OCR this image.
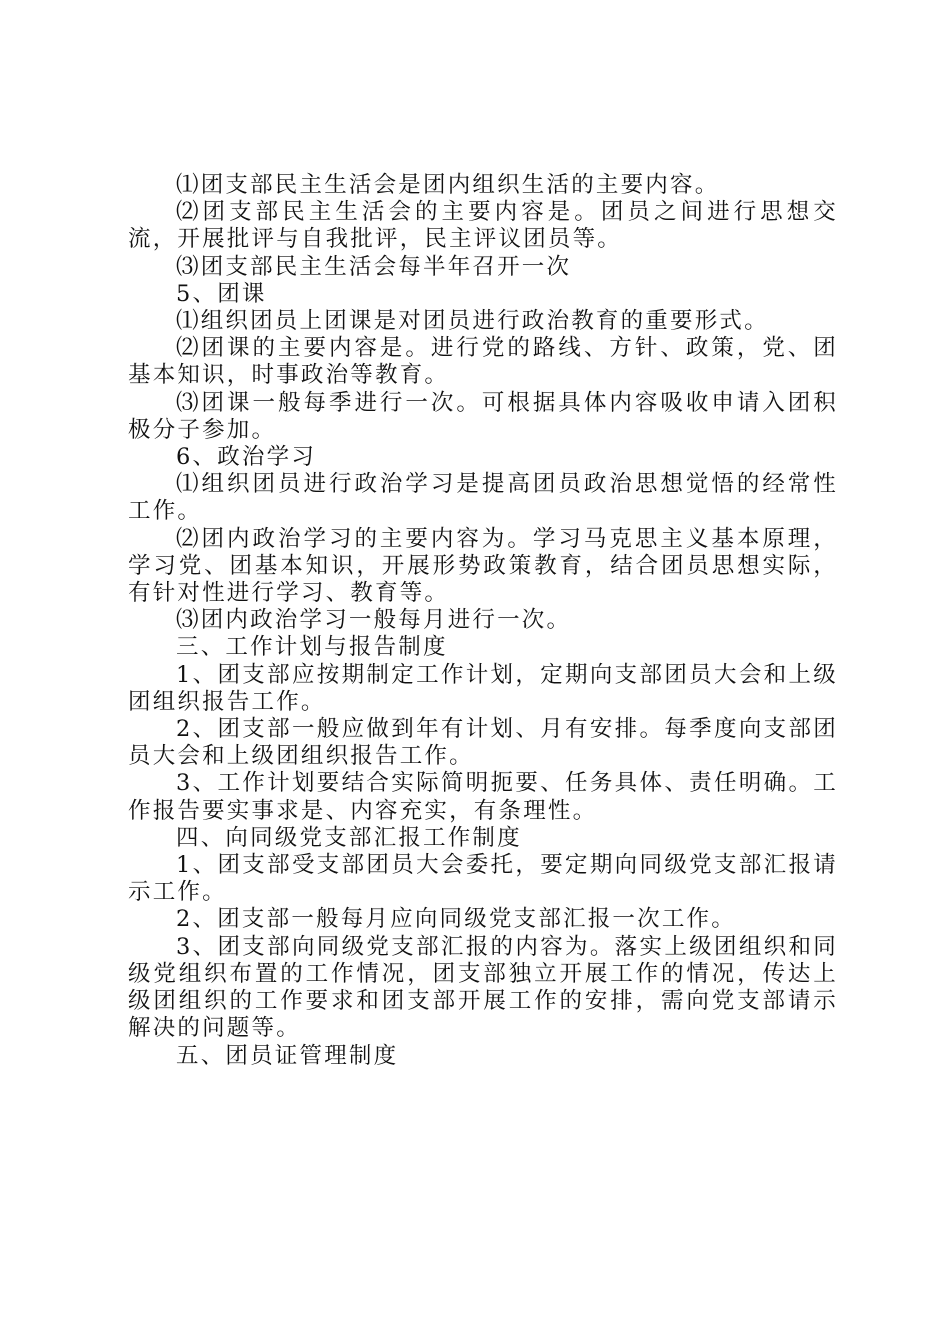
⑴团支部民主生活会是团内组织生活的主要内容。

⑵团支部民主生活会的主要内容是。团员之间进行思想交流，开展批评与自我批评，民主评议团员等。

⑶团支部民主生活会每半年召开一次

5、团课

⑴组织团员上团课是对团员进行政治教育的重要形式。

⑵团课的主要内容是。进行党的路线、方针、政策，党、团基本知识，时事政治等教育。

⑶团课一般每季进行一次。可根据具体内容吸收申请入团积极分子参加。

6、政治学习

⑴组织团员进行政治学习是提高团员政治思想觉悟的经常性工作。

⑵团内政治学习的主要内容为。学习马克思主义基本原理，学习党、团基本知识，开展形势政策教育，结合团员思想实际，有针对性进行学习、教育等。

⑶团内政治学习一般每月进行一次。

三、工作计划与报告制度

1、团支部应按期制定工作计划，定期向支部团员大会和上级团组织报告工作。

2、团支部一般应做到年有计划、月有安排。每季度向支部团员大会和上级团组织报告工作。

3、工作计划要结合实际简明扼要、任务具体、责任明确。工作报告要实事求是、内容充实，有条理性。

四、向同级党支部汇报工作制度

1、团支部受支部团员大会委托，要定期向同级党支部汇报请示工作。

2、团支部一般每月应向同级党支部汇报一次工作。

3、团支部向同级党支部汇报的内容为。落实上级团组织和同级党组织布置的工作情况，团支部独立开展工作的情况，传达上级团组织的工作要求和团支部开展工作的安排，需向党支部请示解决的问题等。

五、团员证管理制度
